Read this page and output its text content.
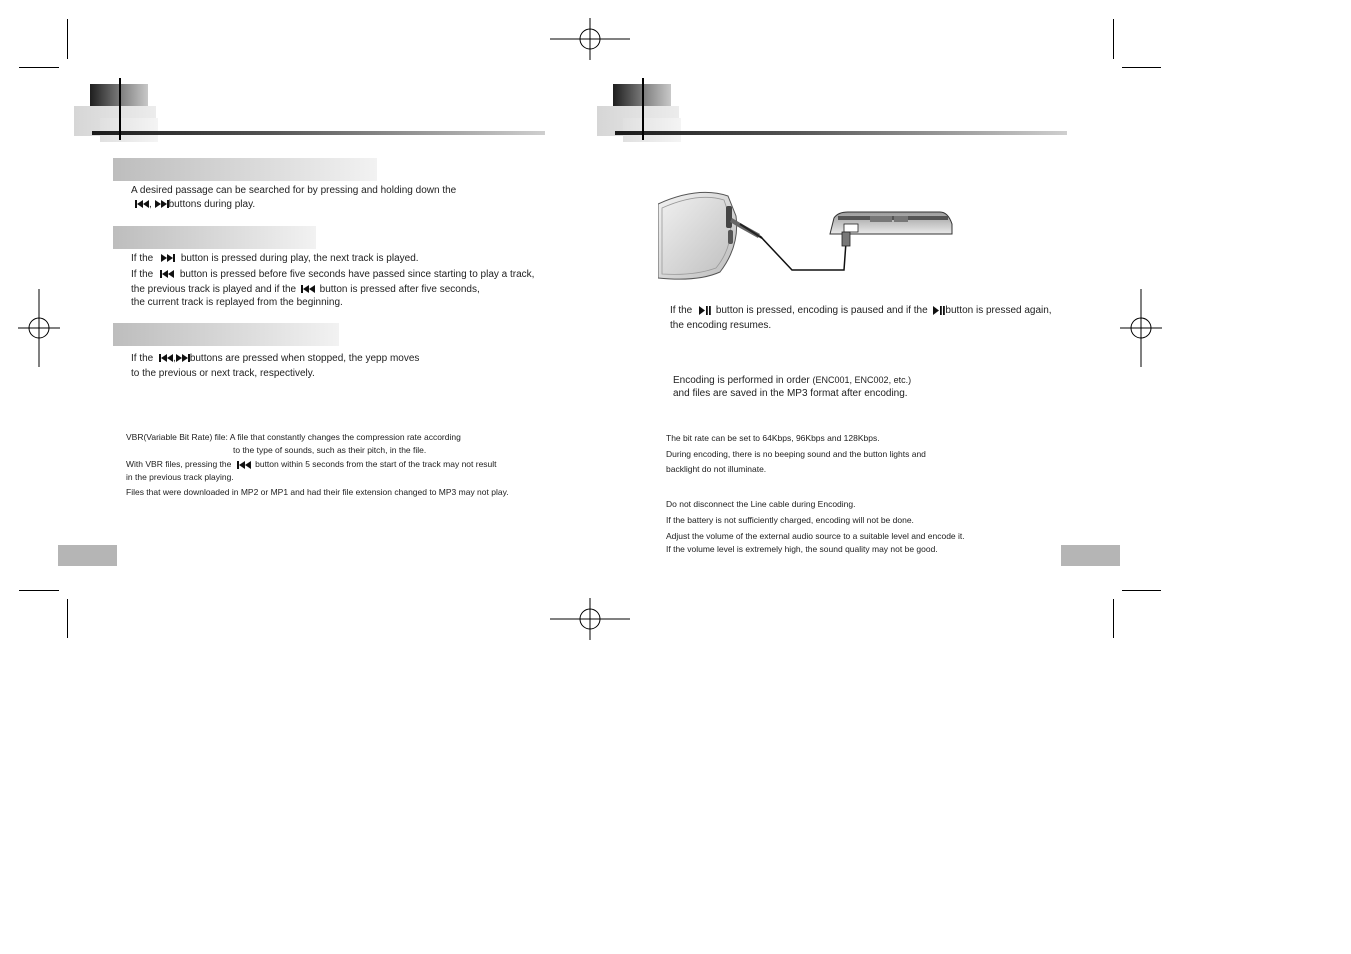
A desired passage can be searched for by pressing and holding down the
,
buttons during play.
If the	button is pressed during play, the next track is played.
If the	button is pressed before five seconds have passed since starting to play a track,
the previous track is played and if the button is pressed after five seconds,
the current track is replayed from the beginning.
If the , buttons are pressed when stopped, the yepp moves
to the previous or next track, respectively.
VBR(Variable Bit Rate) file: A file that constantly changes the compression rate according
to the type of sounds, such as their pitch, in the file.
With VBR files, pressing the	button within 5 seconds from the start of the track may not result
in the previous track playing.
Files that were downloaded in MP2 or MP1 and had their file extension changed to MP3 may not play.
If the button is pressed, encoding is paused and if the button is pressed again,
the encoding resumes.
Encoding is performed in order (ENC001, ENC002, etc.)
and files are saved in the MP3 format after encoding.
The bit rate can be set to 64Kbps, 96Kbps and 128Kbps.
During encoding, there is no beeping sound and the button lights and
backlight do not illuminate.
Do not disconnect the Line cable during Encoding.
If the battery is not sufficiently charged, encoding will not be done.
Adjust the volume of the external audio source to a suitable level and encode it.
If the volume level is extremely high, the sound quality may not be good.
